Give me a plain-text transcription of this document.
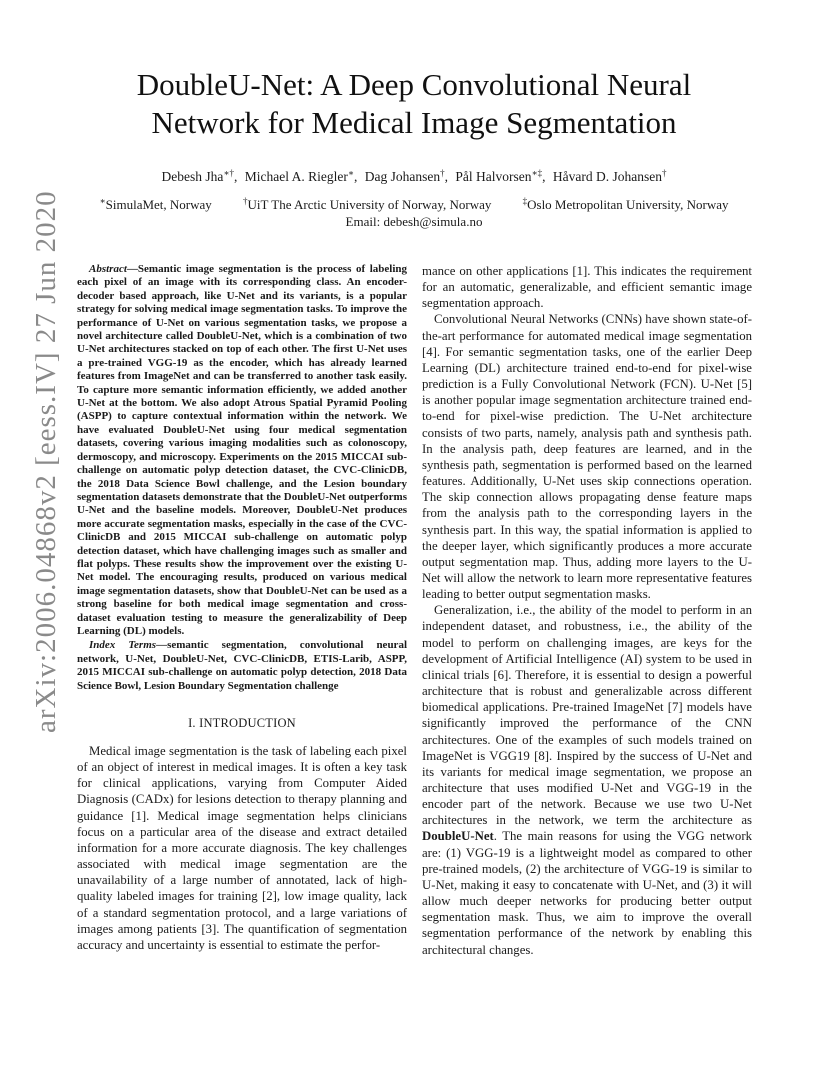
arXiv:2006.04868v2 [eess.IV] 27 Jun 2020
DoubleU-Net: A Deep Convolutional Neural
Network for Medical Image Segmentation
Debesh Jha∗†, Michael A. Riegler∗, Dag Johansen†, Pål Halvorsen∗‡, Håvard D. Johansen†
∗SimulaMet, Norway	†UiT The Arctic University of Norway, Norway	‡Oslo Metropolitan University, Norway
Email: debesh@simula.no

Abstract—Semantic image segmentation is the process of labeling each pixel of an image with its corresponding class. An encoder-decoder based approach, like U-Net and its variants, is a popular strategy for solving medical image segmentation tasks. To improve the performance of U-Net on various segmentation tasks, we propose a novel architecture called DoubleU-Net, which is a combination of two U-Net architectures stacked on top of each other. The first U-Net uses a pre-trained VGG-19 as the encoder, which has already learned features from ImageNet and can be transferred to another task easily. To capture more semantic information efficiently, we added another U-Net at the bottom. We also adopt Atrous Spatial Pyramid Pooling (ASPP) to capture contextual information within the network. We have evaluated DoubleU-Net using four medical segmentation datasets, covering various imaging modalities such as colonoscopy, dermoscopy, and microscopy. Experiments on the 2015 MICCAI sub-challenge on automatic polyp detection dataset, the CVC-ClinicDB, the 2018 Data Science Bowl challenge, and the Lesion boundary segmentation datasets demonstrate that the DoubleU-Net outperforms U-Net and the baseline models. Moreover, DoubleU-Net produces more accurate segmentation masks, especially in the case of the CVC-ClinicDB and 2015 MICCAI sub-challenge on automatic polyp detection dataset, which have challenging images such as smaller and flat polyps. These results show the improvement over the existing U-Net model. The encouraging results, produced on various medical image segmentation datasets, show that DoubleU-Net can be used as a strong baseline for both medical image segmentation and cross-dataset evaluation testing to measure the generalizability of Deep Learning (DL) models.

Index Terms—semantic segmentation, convolutional neural network, U-Net, DoubleU-Net, CVC-ClinicDB, ETIS-Larib, ASPP, 2015 MICCAI sub-challenge on automatic polyp detection, 2018 Data Science Bowl, Lesion Boundary Segmentation challenge

I. INTRODUCTION

Medical image segmentation is the task of labeling each pixel of an object of interest in medical images. It is often a key task for clinical applications, varying from Computer Aided Diagnosis (CADx) for lesions detection to therapy planning and guidance [1]. Medical image segmentation helps clinicians focus on a particular area of the disease and extract detailed information for a more accurate diagnosis. The key challenges associated with medical image segmentation are the unavailability of a large number of annotated, lack of high-quality labeled images for training [2], low image quality, lack of a standard segmentation protocol, and a large variations of images among patients [3]. The quantification of segmentation accuracy and uncertainty is essential to estimate the perfor-

mance on other applications [1]. This indicates the requirement for an automatic, generalizable, and efficient semantic image segmentation approach.

Convolutional Neural Networks (CNNs) have shown state-of-the-art performance for automated medical image segmentation [4]. For semantic segmentation tasks, one of the earlier Deep Learning (DL) architecture trained end-to-end for pixel-wise prediction is a Fully Convolutional Network (FCN). U-Net [5] is another popular image segmentation architecture trained end-to-end for pixel-wise prediction. The U-Net architecture consists of two parts, namely, analysis path and synthesis path. In the analysis path, deep features are learned, and in the synthesis path, segmentation is performed based on the learned features. Additionally, U-Net uses skip connections operation. The skip connection allows propagating dense feature maps from the analysis path to the corresponding layers in the synthesis part. In this way, the spatial information is applied to the deeper layer, which significantly produces a more accurate output segmentation map. Thus, adding more layers to the U-Net will allow the network to learn more representative features leading to better output segmentation masks.

Generalization, i.e., the ability of the model to perform in an independent dataset, and robustness, i.e., the ability of the model to perform on challenging images, are keys for the development of Artificial Intelligence (AI) system to be used in clinical trials [6]. Therefore, it is essential to design a powerful architecture that is robust and generalizable across different biomedical applications. Pre-trained ImageNet [7] models have significantly improved the performance of the CNN architectures. One of the examples of such models trained on ImageNet is VGG19 [8]. Inspired by the success of U-Net and its variants for medical image segmentation, we propose an architecture that uses modified U-Net and VGG-19 in the encoder part of the network. Because we use two U-Net architectures in the network, we term the architecture as DoubleU-Net. The main reasons for using the VGG network are: (1) VGG-19 is a lightweight model as compared to other pre-trained models, (2) the architecture of VGG-19 is similar to U-Net, making it easy to concatenate with U-Net, and (3) it will allow much deeper networks for producing better output segmentation mask. Thus, we aim to improve the overall segmentation performance of the network by enabling this architectural changes.
